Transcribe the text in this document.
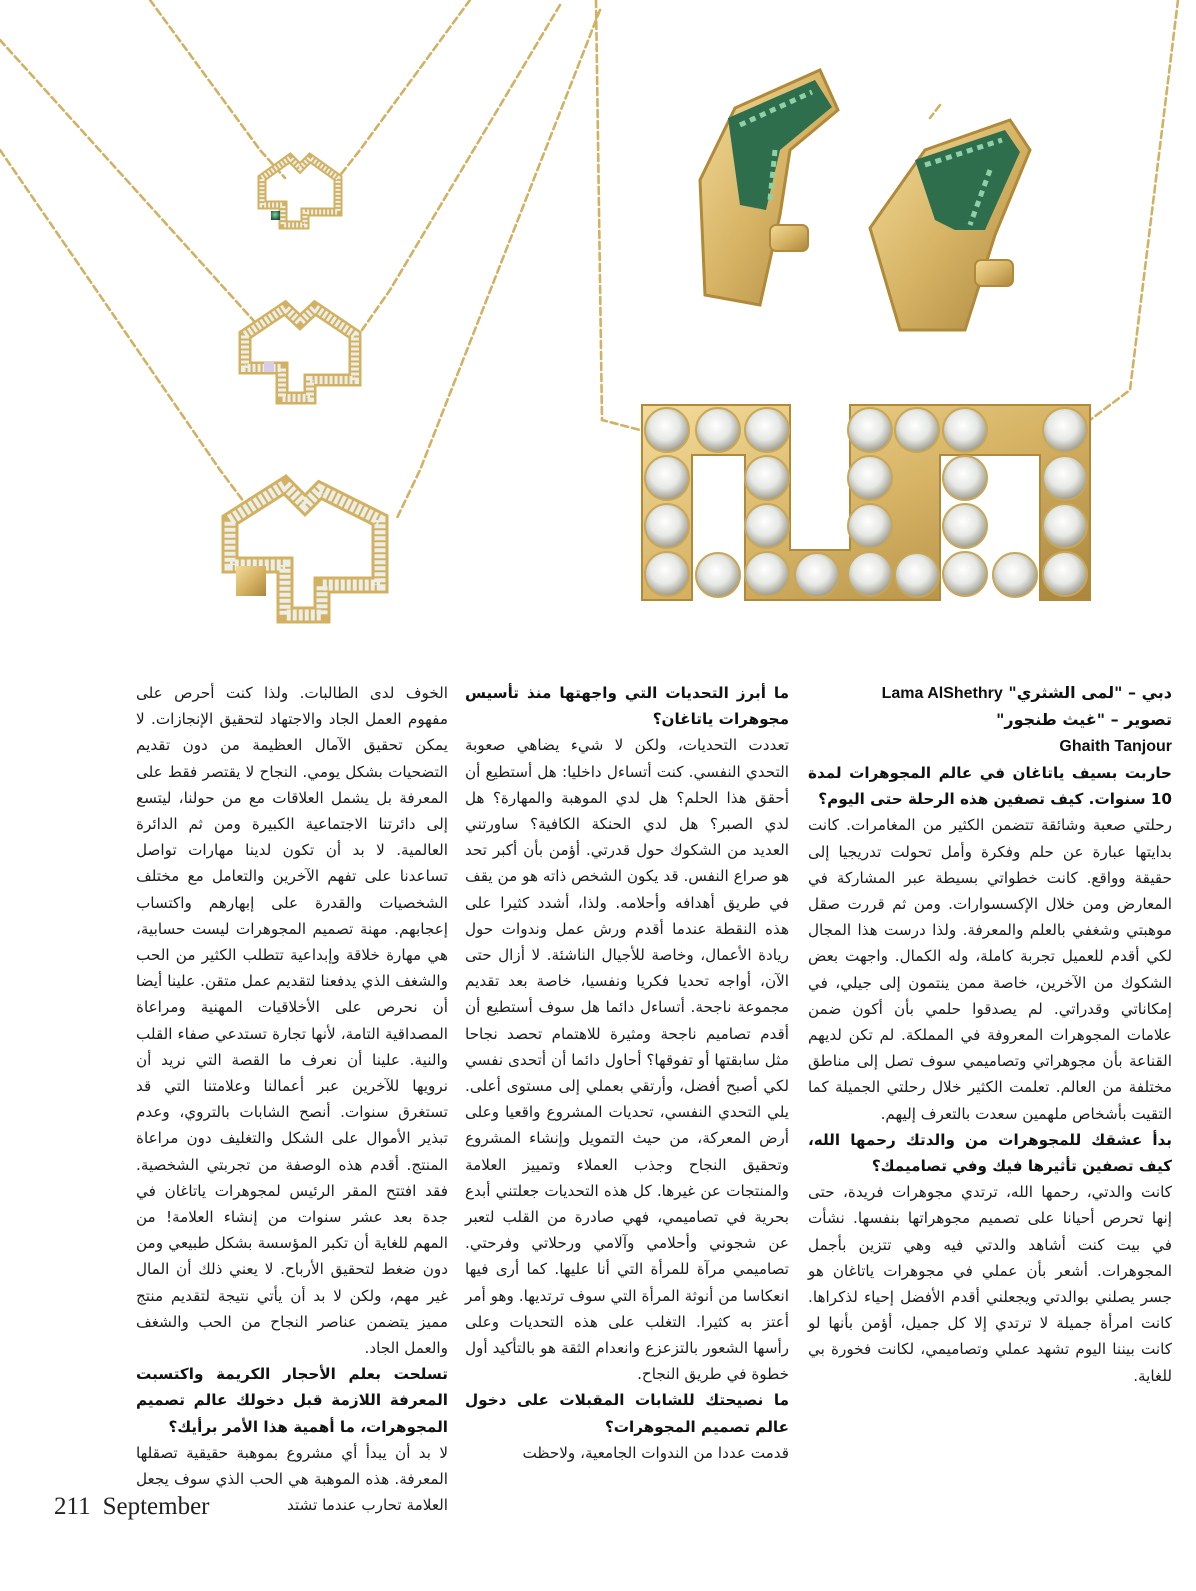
دبي – "لمى الشثري" Lama AlShethry

تصوير – "غيث طنجور"
Ghaith Tanjour

حاربت بسيف ياتاغان في عالم المجوهرات لمدة 10 سنوات. كيف تصفين هذه الرحلة حتى اليوم؟

رحلتي صعبة وشائقة تتضمن الكثير من المغامرات. كانت بدايتها عبارة عن حلم وفكرة وأمل تحولت تدريجيا إلى حقيقة وواقع. كانت خطواتي بسيطة عبر المشاركة في المعارض ومن خلال الإكسسوارات. ومن ثم قررت صقل موهبتي وشغفي بالعلم والمعرفة. ولذا درست هذا المجال لكي أقدم للعميل تجربة كاملة، وله الكمال. واجهت بعض الشكوك من الآخرين، خاصة ممن ينتمون إلى جيلي، في إمكاناتي وقدراتي. لم يصدقوا حلمي بأن أكون ضمن علامات المجوهرات المعروفة في المملكة. لم تكن لديهم القناعة بأن مجوهراتي وتصاميمي سوف تصل إلى مناطق مختلفة من العالم. تعلمت الكثير خلال رحلتي الجميلة كما التقيت بأشخاص ملهمين سعدت بالتعرف إليهم.

بدأ عشقك للمجوهرات من والدتك رحمها الله، كيف تصفين تأثيرها فيك وفي تصاميمك؟

كانت والدتي، رحمها الله، ترتدي مجوهرات فريدة، حتى إنها تحرص أحيانا على تصميم مجوهراتها بنفسها. نشأت في بيت كنت أشاهد والدتي فيه وهي تتزين بأجمل المجوهرات. أشعر بأن عملي في مجوهرات ياتاغان هو جسر يصلني بوالدتي ويجعلني أقدم الأفضل إحياء لذكراها. كانت امرأة جميلة لا ترتدي إلا كل جميل، أؤمن بأنها لو كانت بيننا اليوم تشهد عملي وتصاميمي، لكانت فخورة بي للغاية.

ما أبرز التحديات التي واجهتها منذ تأسيس مجوهرات ياتاغان؟

تعددت التحديات، ولكن لا شيء يضاهي صعوبة التحدي النفسي. كنت أتساءل داخليا: هل أستطيع أن أحقق هذا الحلم؟ هل لدي الموهبة والمهارة؟ هل لدي الصبر؟ هل لدي الحنكة الكافية؟ ساورتني العديد من الشكوك حول قدرتي. أؤمن بأن أكبر تحد هو صراع النفس. قد يكون الشخص ذاته هو من يقف في طريق أهدافه وأحلامه. ولذا، أشدد كثيرا على هذه النقطة عندما أقدم ورش عمل وندوات حول ريادة الأعمال، وخاصة للأجيال الناشئة. لا أزال حتى الآن، أواجه تحديا فكريا ونفسيا، خاصة بعد تقديم مجموعة ناجحة. أتساءل دائما هل سوف أستطيع أن أقدم تصاميم ناجحة ومثيرة للاهتمام تحصد نجاحا مثل سابقتها أو تفوقها؟ أحاول دائما أن أتحدى نفسي لكي أصبح أفضل، وأرتقي بعملي إلى مستوى أعلى. يلي التحدي النفسي، تحديات المشروع واقعيا وعلى أرض المعركة، من حيث التمويل وإنشاء المشروع وتحقيق النجاح وجذب العملاء وتمييز العلامة والمنتجات عن غيرها. كل هذه التحديات جعلتني أبدع بحرية في تصاميمي، فهي صادرة من القلب لتعبر عن شجوني وأحلامي وآلامي ورحلاتي وفرحتي. تصاميمي مرآة للمرأة التي أنا عليها. كما أرى فيها انعكاسا من أنوثة المرأة التي سوف ترتديها. وهو أمر أعتز به كثيرا. التغلب على هذه التحديات وعلى رأسها الشعور بالتزعزع وانعدام الثقة هو بالتأكيد أول خطوة في طريق النجاح.

ما نصيحتك للشابات المقبلات على دخول عالم تصميم المجوهرات؟

قدمت عددا من الندوات الجامعية، ولاحظت

الخوف لدى الطالبات. ولذا كنت أحرص على مفهوم العمل الجاد والاجتهاد لتحقيق الإنجازات. لا يمكن تحقيق الآمال العظيمة من دون تقديم التضحيات بشكل يومي. النجاح لا يقتصر فقط على المعرفة بل يشمل العلاقات مع من حولنا، ليتسع إلى دائرتنا الاجتماعية الكبيرة ومن ثم الدائرة العالمية. لا بد أن تكون لدينا مهارات تواصل تساعدنا على تفهم الآخرين والتعامل مع مختلف الشخصيات والقدرة على إبهارهم واكتساب إعجابهم. مهنة تصميم المجوهرات ليست حسابية، هي مهارة خلاقة وإبداعية تتطلب الكثير من الحب والشغف الذي يدفعنا لتقديم عمل متقن. علينا أيضا أن نحرص على الأخلاقيات المهنية ومراعاة المصداقية التامة، لأنها تجارة تستدعي صفاء القلب والنية. علينا أن نعرف ما القصة التي نريد أن نرويها للآخرين عبر أعمالنا وعلامتنا التي قد تستغرق سنوات. أنصح الشابات بالتروي، وعدم تبذير الأموال على الشكل والتغليف دون مراعاة المنتج. أقدم هذه الوصفة من تجربتي الشخصية. فقد افتتح المقر الرئيس لمجوهرات ياتاغان في جدة بعد عشر سنوات من إنشاء العلامة! من المهم للغاية أن تكبر المؤسسة بشكل طبيعي ومن دون ضغط لتحقيق الأرباح. لا يعني ذلك أن المال غير مهم، ولكن لا بد أن يأتي نتيجة لتقديم منتج مميز يتضمن عناصر النجاح من الحب والشغف والعمل الجاد.

تسلحت بعلم الأحجار الكريمة واكتسبت المعرفة اللازمة قبل دخولك عالم تصميم المجوهرات، ما أهمية هذا الأمر برأيك؟

لا بد أن يبدأ أي مشروع بموهبة حقيقية تصقلها المعرفة. هذه الموهبة هي الحب الذي سوف يجعل العلامة تحارب عندما تشتد

211 September
